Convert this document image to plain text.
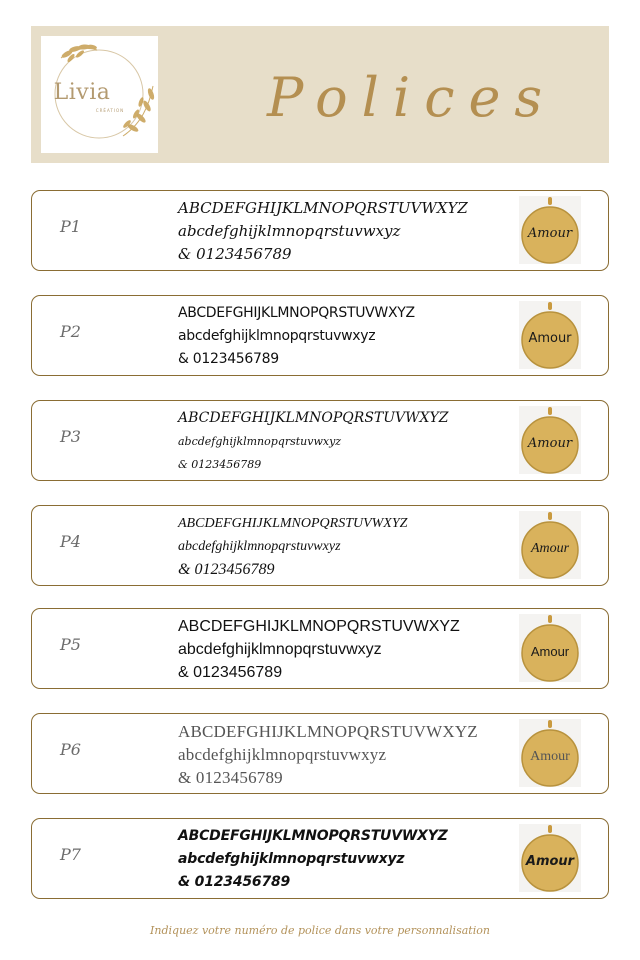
Livia
CRÉATION	Polices
P1
ABCDEFGHIJKLMNOPQRSTUVWXYZ
abcdefghijklmnopqrstuvwxyz
& 0123456789
Amour
P2
ABCDEFGHIJKLMNOPQRSTUVWXYZ
abcdefghijklmnopqrstuvwxyz
& 0123456789
Amour
P3
ABCDEFGHIJKLMNOPQRSTUVWXYZ
abcdefghijklmnopqrstuvwxyz
& 0123456789
Amour
P4
ABCDEFGHIJKLMNOPQRSTUVWXYZ
abcdefghijklmnopqrstuvwxyz
& 0123456789
Amour
P5
ABCDEFGHIJKLMNOPQRSTUVWXYZ
abcdefghijklmnopqrstuvwxyz
& 0123456789
Amour
P6
ABCDEFGHIJKLMNOPQRSTUVWXYZ
abcdefghijklmnopqrstuvwxyz
& 0123456789
Amour
P7
ABCDEFGHIJKLMNOPQRSTUVWXYZ
abcdefghijklmnopqrstuvwxyz
& 0123456789
Amour
Indiquez votre numéro de police dans votre personnalisation
